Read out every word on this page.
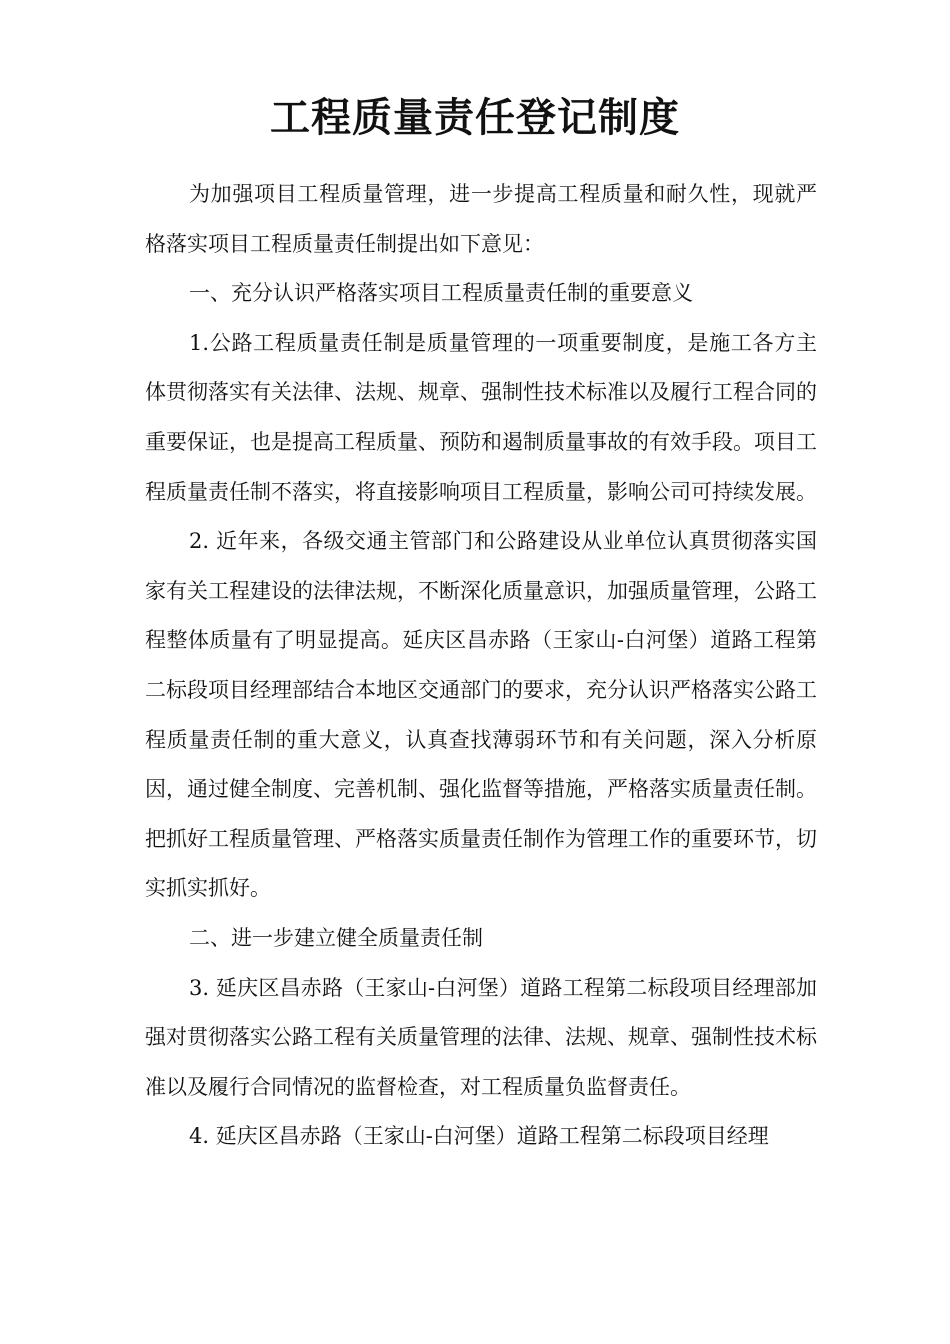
工程质量责任登记制度

为加强项目工程质量管理，进一步提高工程质量和耐久性，现就严格落实项目工程质量责任制提出如下意见：

一、充分认识严格落实项目工程质量责任制的重要意义

1.公路工程质量责任制是质量管理的一项重要制度，是施工各方主体贯彻落实有关法律、法规、规章、强制性技术标准以及履行工程合同的重要保证，也是提高工程质量、预防和遏制质量事故的有效手段。项目工程质量责任制不落实，将直接影响项目工程质量，影响公司可持续发展。

2. 近年来，各级交通主管部门和公路建设从业单位认真贯彻落实国家有关工程建设的法律法规，不断深化质量意识，加强质量管理，公路工程整体质量有了明显提高。延庆区昌赤路（王家山-白河堡）道路工程第二标段项目经理部结合本地区交通部门的要求，充分认识严格落实公路工程质量责任制的重大意义，认真查找薄弱环节和有关问题，深入分析原因，通过健全制度、完善机制、强化监督等措施，严格落实质量责任制。把抓好工程质量管理、严格落实质量责任制作为管理工作的重要环节，切实抓实抓好。

二、进一步建立健全质量责任制

3. 延庆区昌赤路（王家山-白河堡）道路工程第二标段项目经理部加强对贯彻落实公路工程有关质量管理的法律、法规、规章、强制性技术标准以及履行合同情况的监督检查，对工程质量负监督责任。

4. 延庆区昌赤路（王家山-白河堡）道路工程第二标段项目经理
